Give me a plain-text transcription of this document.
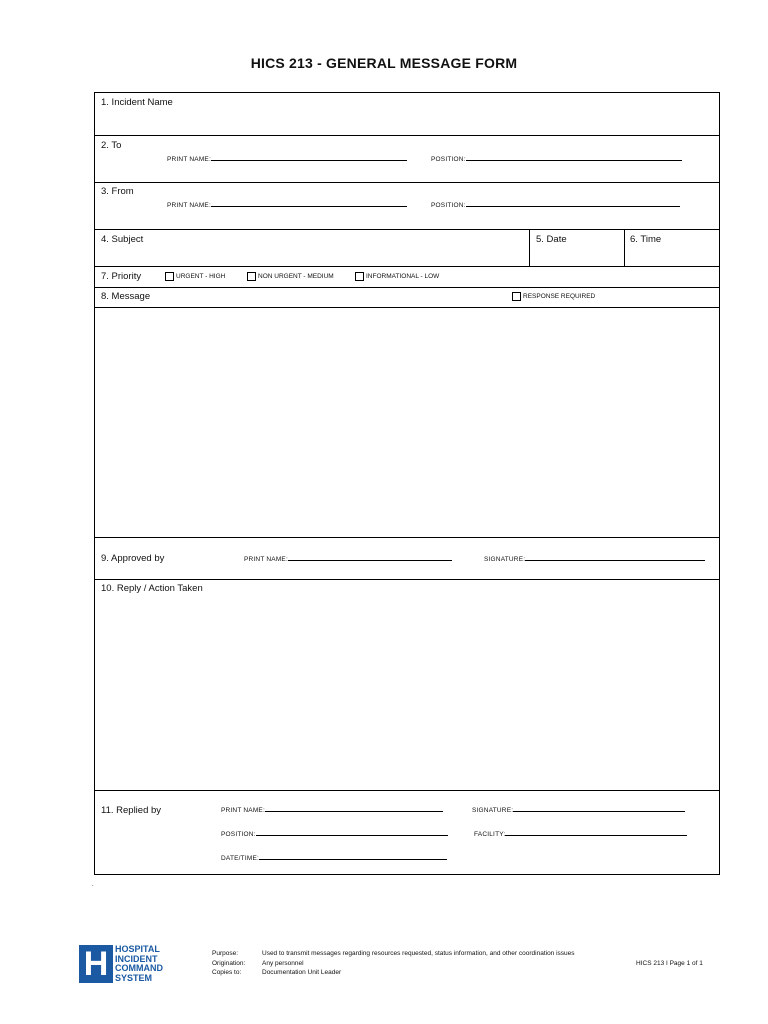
HICS 213 - GENERAL MESSAGE FORM
1. Incident Name
2. To
PRINT NAME:	POSITION:
3. From
PRINT NAME:	POSITION:
4. Subject	5. Date	6. Time
7. Priority	URGENT - HIGH	NON URGENT - MEDIUM	INFORMATIONAL - LOW
8. Message	RESPONSE REQUIRED
9. Approved by	PRINT NAME:	SIGNATURE:
10. Reply / Action Taken
11. Replied by	PRINT NAME:	SIGNATURE:
POSITION:	FACILITY:
DATE/TIME:
.
H HOSPITAL
INCIDENT
COMMAND
SYSTEM
Purpose:	Used to transmit messages regarding resources requested, status information, and other coordination issues
Origination:	Any personnel
Copies to:	Documentation Unit Leader
HICS 213 I Page 1 of 1
